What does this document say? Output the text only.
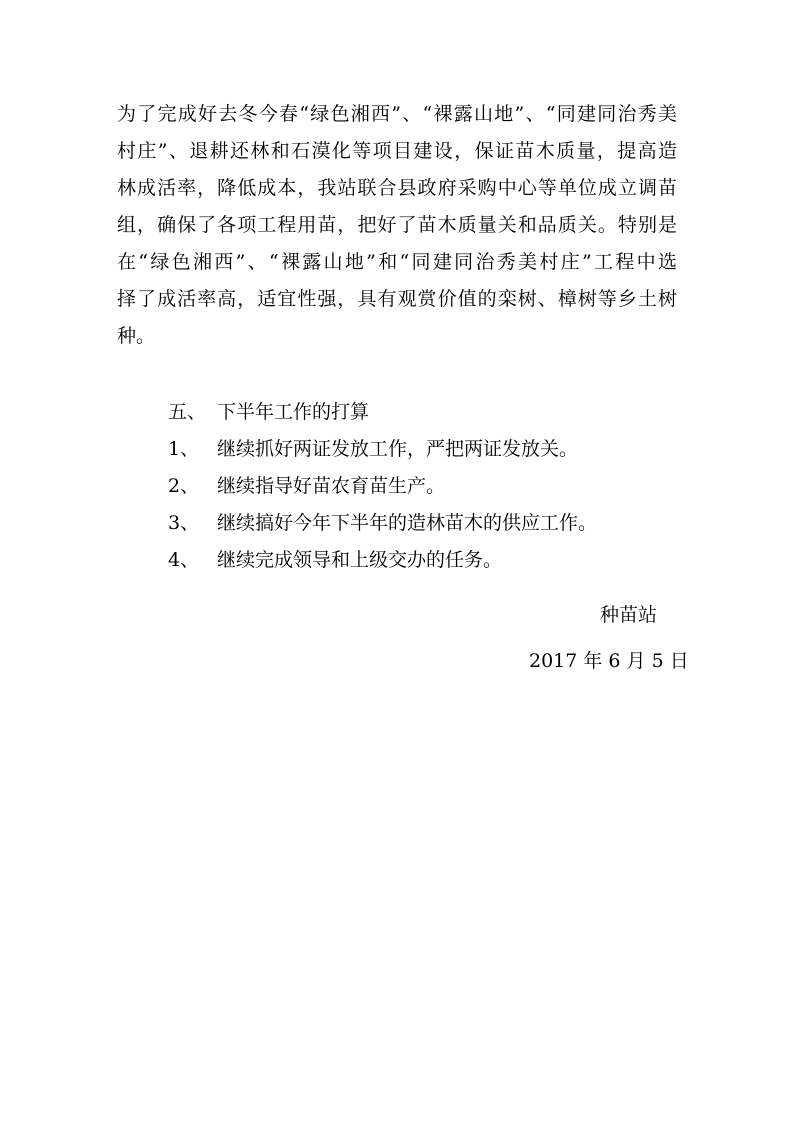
为了完成好去冬今春“绿色湘西”、“裸露山地”、“同建同治秀美
村庄”、退耕还林和石漠化等项目建设，保证苗木质量，提高造
林成活率，降低成本，我站联合县政府采购中心等单位成立调苗
组，确保了各项工程用苗，把好了苗木质量关和品质关。特别是
在“绿色湘西”、“裸露山地”和“同建同治秀美村庄”工程中选
择了成活率高，适宜性强，具有观赏价值的栾树、樟树等乡土树
种。
五、 下半年工作的打算
1、 继续抓好两证发放工作，严把两证发放关。
2、 继续指导好苗农育苗生产。
3、 继续搞好今年下半年的造林苗木的供应工作。
4、 继续完成领导和上级交办的任务。
种苗站
2017 年 6 月 5 日
